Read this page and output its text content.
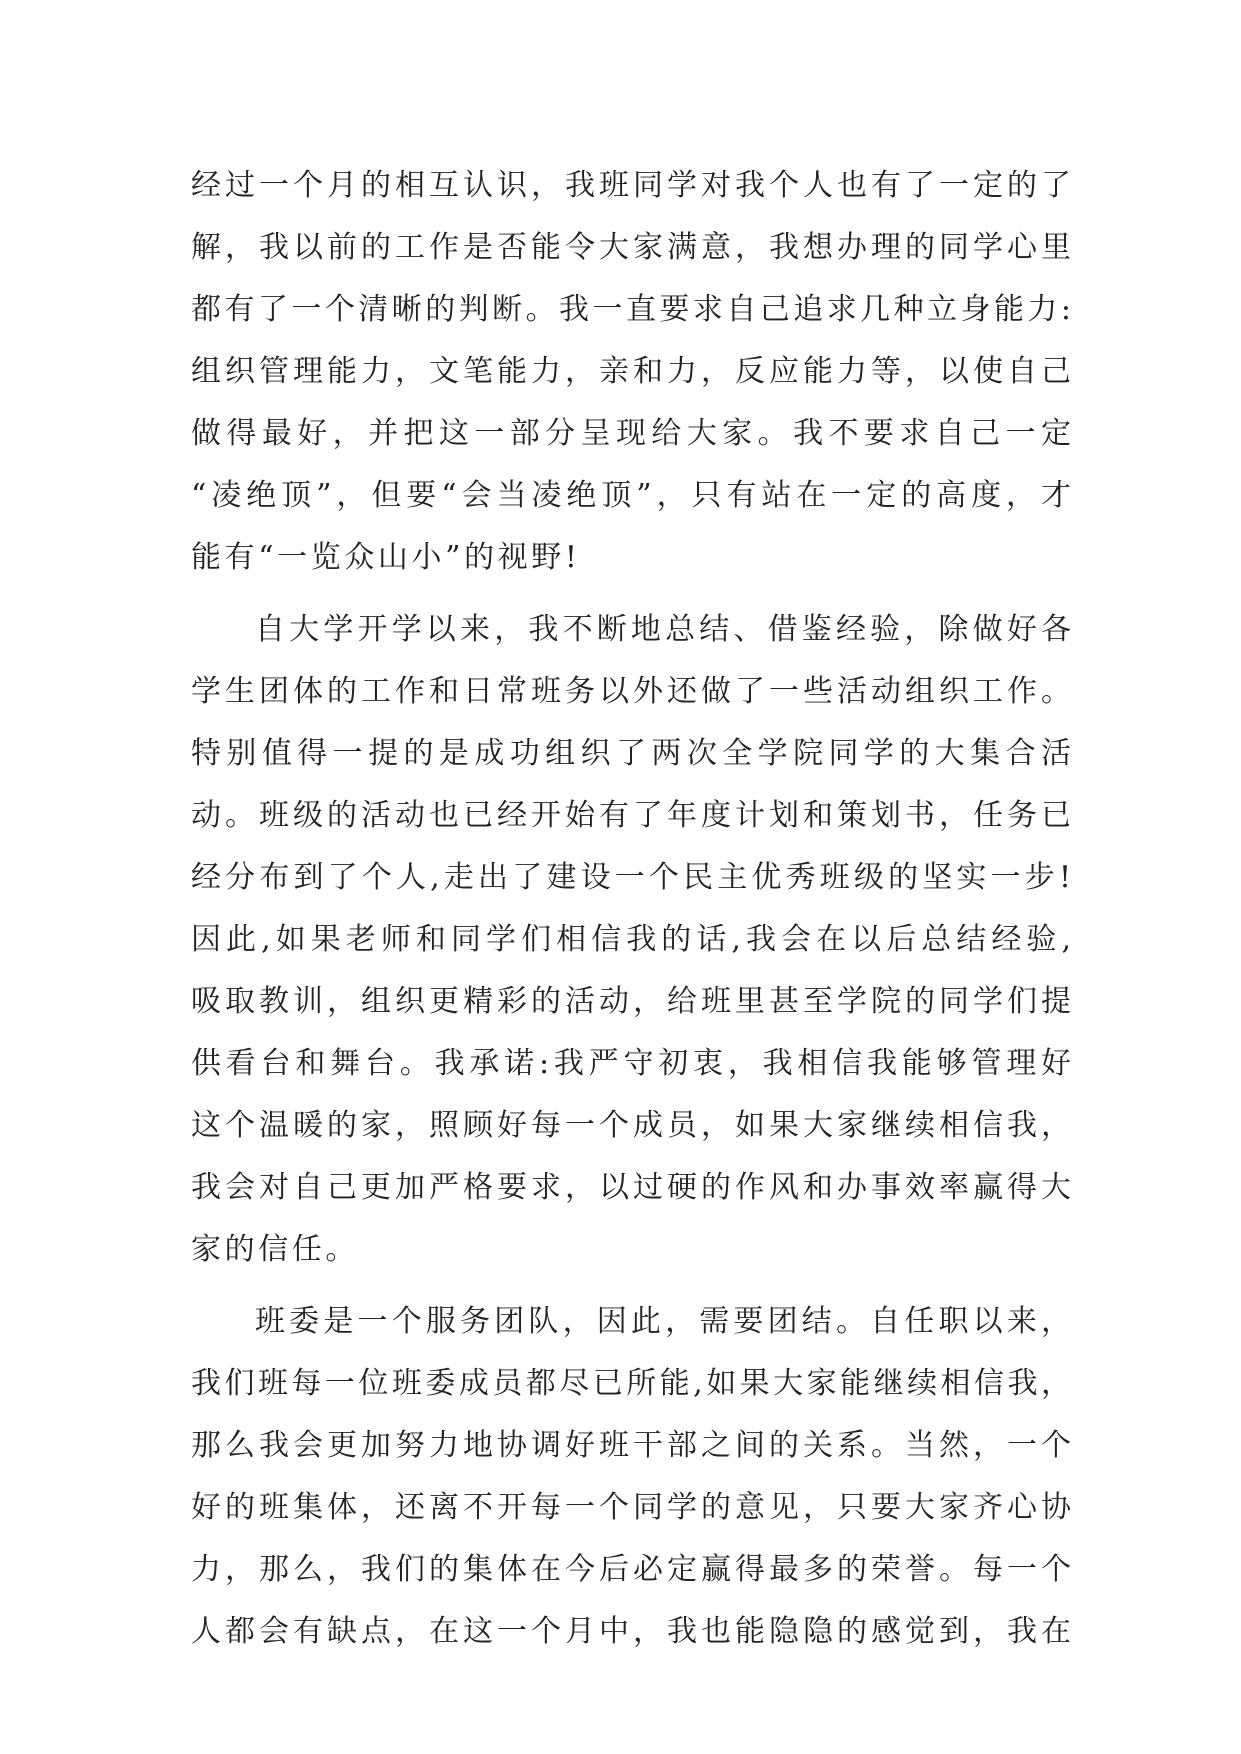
经过一个月的相互认识，我班同学对我个人也有了一定的了
解，我以前的工作是否能令大家满意，我想办理的同学心里
都有了一个清晰的判断。我一直要求自己追求几种立身能力:
组织管理能力，文笔能力，亲和力，反应能力等，以使自己
做得最好，并把这一部分呈现给大家。我不要求自己一定
“凌绝顶”，但要“会当凌绝顶”，只有站在一定的高度，才
能有“一览众山小”的视野!
自大学开学以来，我不断地总结、借鉴经验，除做好各
学生团体的工作和日常班务以外还做了一些活动组织工作。
特别值得一提的是成功组织了两次全学院同学的大集合活
动。班级的活动也已经开始有了年度计划和策划书，任务已
经分布到了个人,走出了建设一个民主优秀班级的坚实一步!
因此,如果老师和同学们相信我的话,我会在以后总结经验,
吸取教训，组织更精彩的活动，给班里甚至学院的同学们提
供看台和舞台。我承诺:我严守初衷，我相信我能够管理好
这个温暖的家，照顾好每一个成员，如果大家继续相信我，
我会对自己更加严格要求，以过硬的作风和办事效率赢得大
家的信任。
班委是一个服务团队，因此，需要团结。自任职以来，
我们班每一位班委成员都尽已所能,如果大家能继续相信我，
那么我会更加努力地协调好班干部之间的关系。当然，一个
好的班集体，还离不开每一个同学的意见，只要大家齐心协
力，那么，我们的集体在今后必定赢得最多的荣誉。每一个
人都会有缺点，在这一个月中，我也能隐隐的感觉到，我在
